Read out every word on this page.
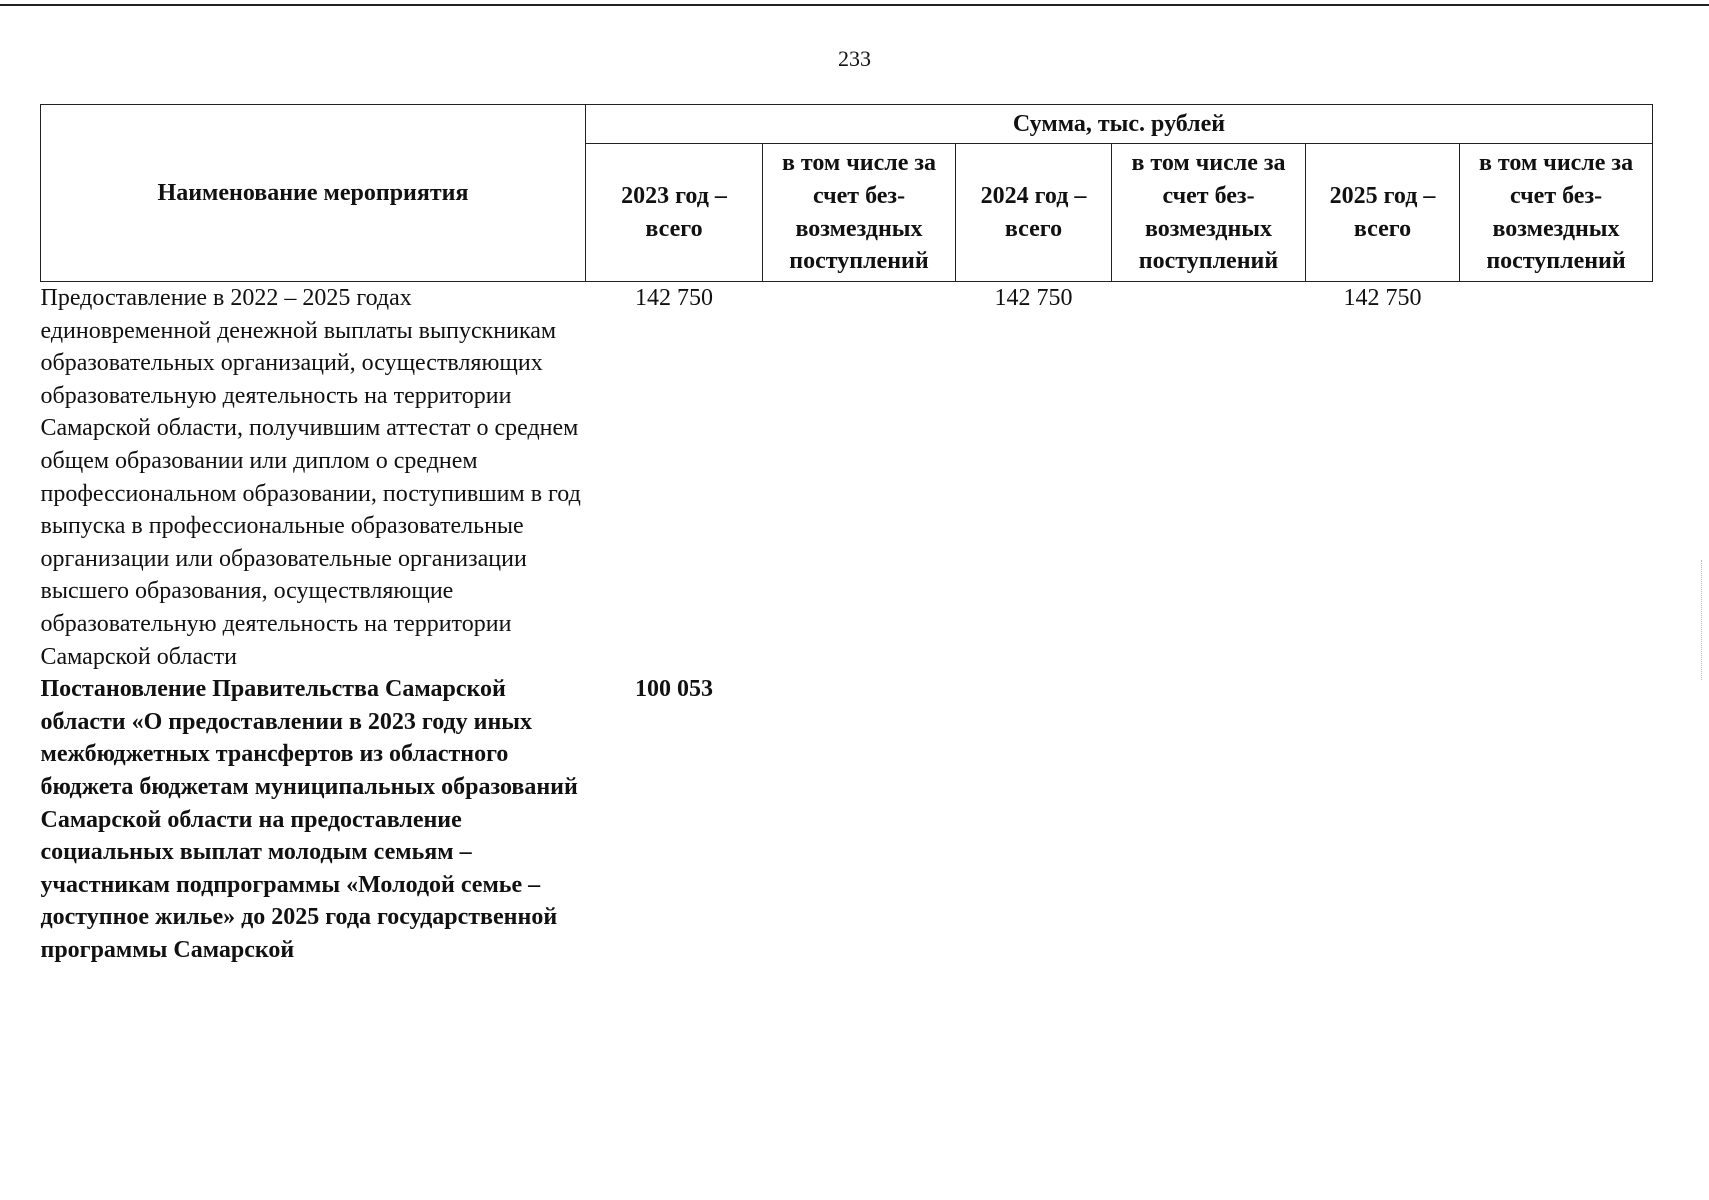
233
Наименование мероприятия	Сумма, тыс. рублей					
	2023 год – всего	в том числе за счет без-возмездных поступлений	2024 год – всего	в том числе за счет без-возмездных поступлений	2025 год – всего	в том числе за счет без-возмездных поступлений
Предоставление в 2022 – 2025 годах единовременной денежной выплаты выпускникам образовательных организаций, осуществляющих образовательную деятельность на территории Самарской области, получившим аттестат о среднем общем образовании или диплом о среднем профессиональном образовании, поступившим в год выпуска в профессиональные образовательные организации или образовательные организации высшего образования, осуществляющие образовательную деятельность на территории Самарской области	142 750		142 750		142 750	
Постановление Правительства Самарской области «О предоставлении в 2023 году иных межбюджетных трансфертов из областного бюджета бюджетам муниципальных образований Самарской области на предоставление социальных выплат молодым семьям – участникам подпрограммы «Молодой семье – доступное жилье» до 2025 года государственной программы Самарской	100 053					
